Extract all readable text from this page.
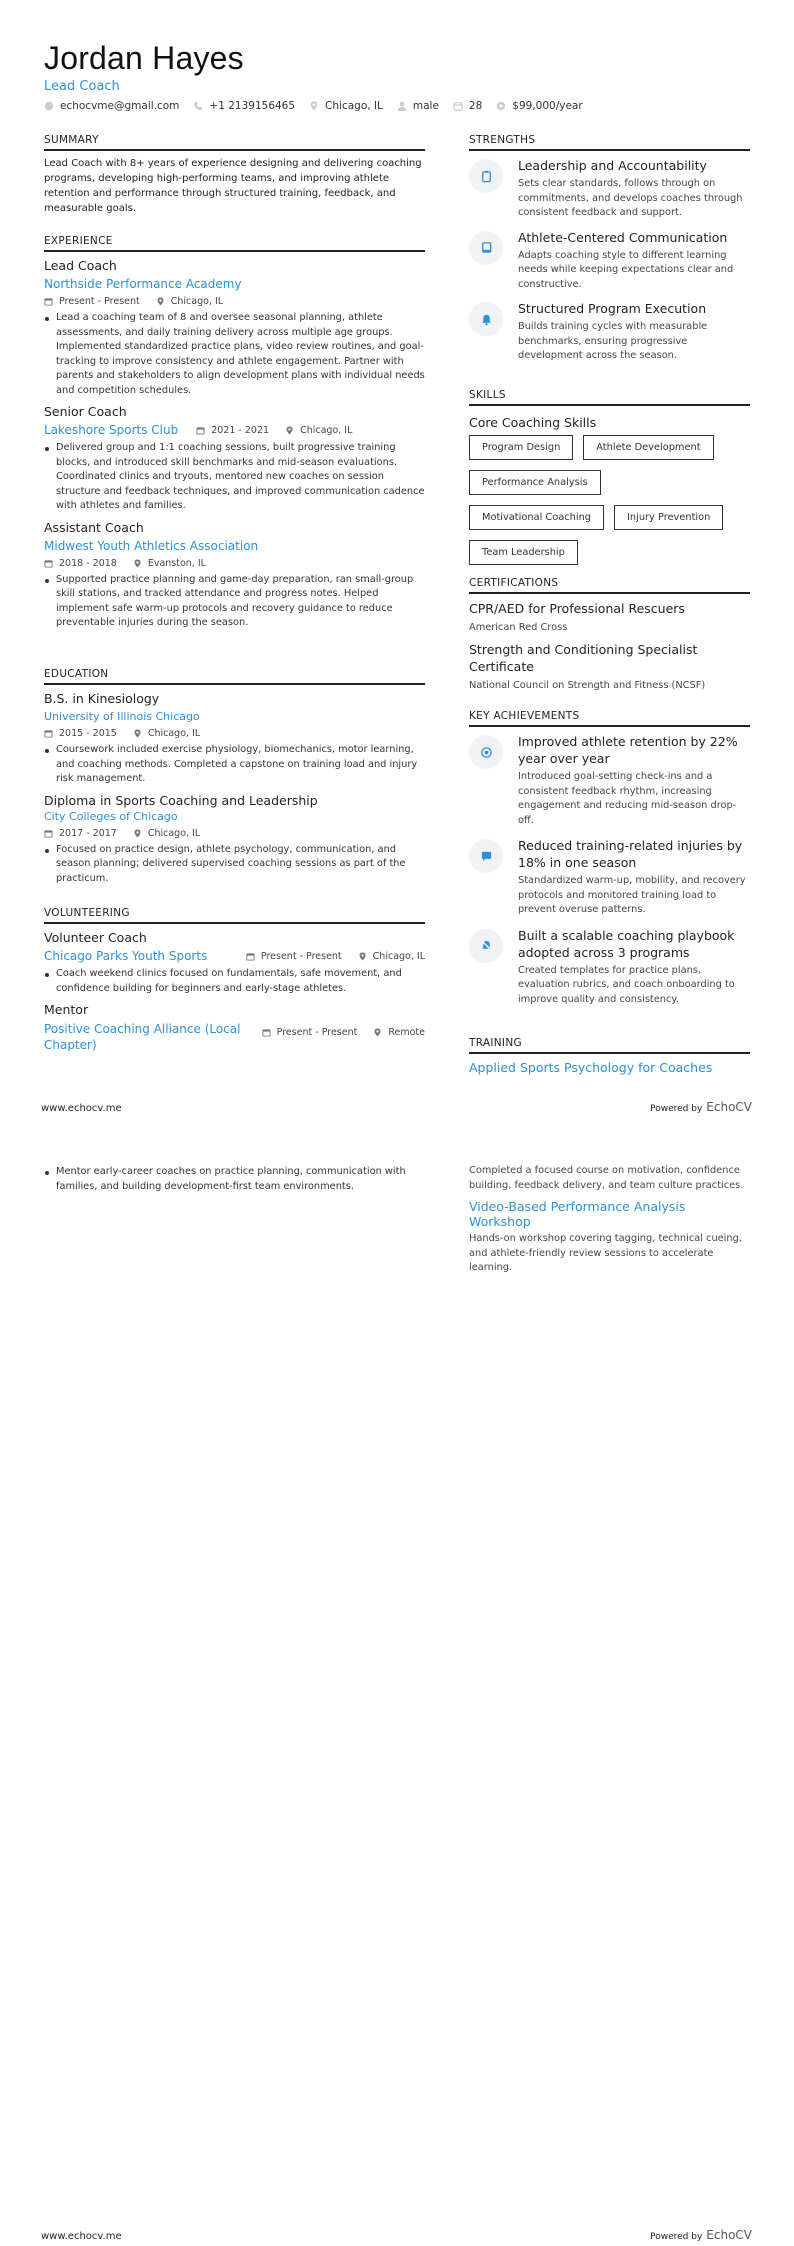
Jordan Hayes
Lead Coach
echocvme@gmail.com	+1 2139156465	Chicago, IL	male	28	$99,000/year
SUMMARY
Lead Coach with 8+ years of experience designing and delivering coaching programs, developing high-performing teams, and improving athlete retention and performance through structured training, feedback, and measurable goals.
EXPERIENCE
Lead Coach
Northside Performance Academy
Present - Present	Chicago, IL
Lead a coaching team of 8 and oversee seasonal planning, athlete assessments, and daily training delivery across multiple age groups. Implemented standardized practice plans, video review routines, and goal-tracking to improve consistency and athlete engagement. Partner with parents and stakeholders to align development plans with individual needs and competition schedules.
Senior Coach
Lakeshore Sports Club	2021 - 2021	Chicago, IL
Delivered group and 1:1 coaching sessions, built progressive training blocks, and introduced skill benchmarks and mid-season evaluations. Coordinated clinics and tryouts, mentored new coaches on session structure and feedback techniques, and improved communication cadence with athletes and families.
Assistant Coach
Midwest Youth Athletics Association
2018 - 2018	Evanston, IL
Supported practice planning and game-day preparation, ran small-group skill stations, and tracked attendance and progress notes. Helped implement safe warm-up protocols and recovery guidance to reduce preventable injuries during the season.
EDUCATION
B.S. in Kinesiology
University of Illinois Chicago
2015 - 2015	Chicago, IL
Coursework included exercise physiology, biomechanics, motor learning, and coaching methods. Completed a capstone on training load and injury risk management.
Diploma in Sports Coaching and Leadership
City Colleges of Chicago
2017 - 2017	Chicago, IL
Focused on practice design, athlete psychology, communication, and season planning; delivered supervised coaching sessions as part of the practicum.
VOLUNTEERING
Volunteer Coach
Chicago Parks Youth Sports	Present - Present	Chicago, IL
Coach weekend clinics focused on fundamentals, safe movement, and confidence building for beginners and early-stage athletes.
Mentor
Positive Coaching Alliance (Local Chapter)
Present - Present	Remote
STRENGTHS
Leadership and Accountability
Sets clear standards, follows through on commitments, and develops coaches through consistent feedback and support.
Athlete-Centered Communication
Adapts coaching style to different learning needs while keeping expectations clear and constructive.
Structured Program Execution
Builds training cycles with measurable benchmarks, ensuring progressive development across the season.
SKILLS
Core Coaching Skills
Program Design	Athlete Development
Performance Analysis
Motivational Coaching	Injury Prevention
Team Leadership
CERTIFICATIONS
CPR/AED for Professional Rescuers
American Red Cross
Strength and Conditioning Specialist Certificate
National Council on Strength and Fitness (NCSF)
KEY ACHIEVEMENTS
Improved athlete retention by 22% year over year
Introduced goal-setting check-ins and a consistent feedback rhythm, increasing engagement and reducing mid-season drop-off.
Reduced training-related injuries by 18% in one season
Standardized warm-up, mobility, and recovery protocols and monitored training load to prevent overuse patterns.
Built a scalable coaching playbook adopted across 3 programs
Created templates for practice plans, evaluation rubrics, and coach onboarding to improve quality and consistency.
TRAINING
Applied Sports Psychology for Coaches
www.echocv.me	Powered by EchoCV
Mentor early-career coaches on practice planning, communication with families, and building development-first team environments.
Completed a focused course on motivation, confidence building, feedback delivery, and team culture practices.
Video-Based Performance Analysis Workshop
Hands-on workshop covering tagging, technical cueing, and athlete-friendly review sessions to accelerate learning.
www.echocv.me	Powered by EchoCV
